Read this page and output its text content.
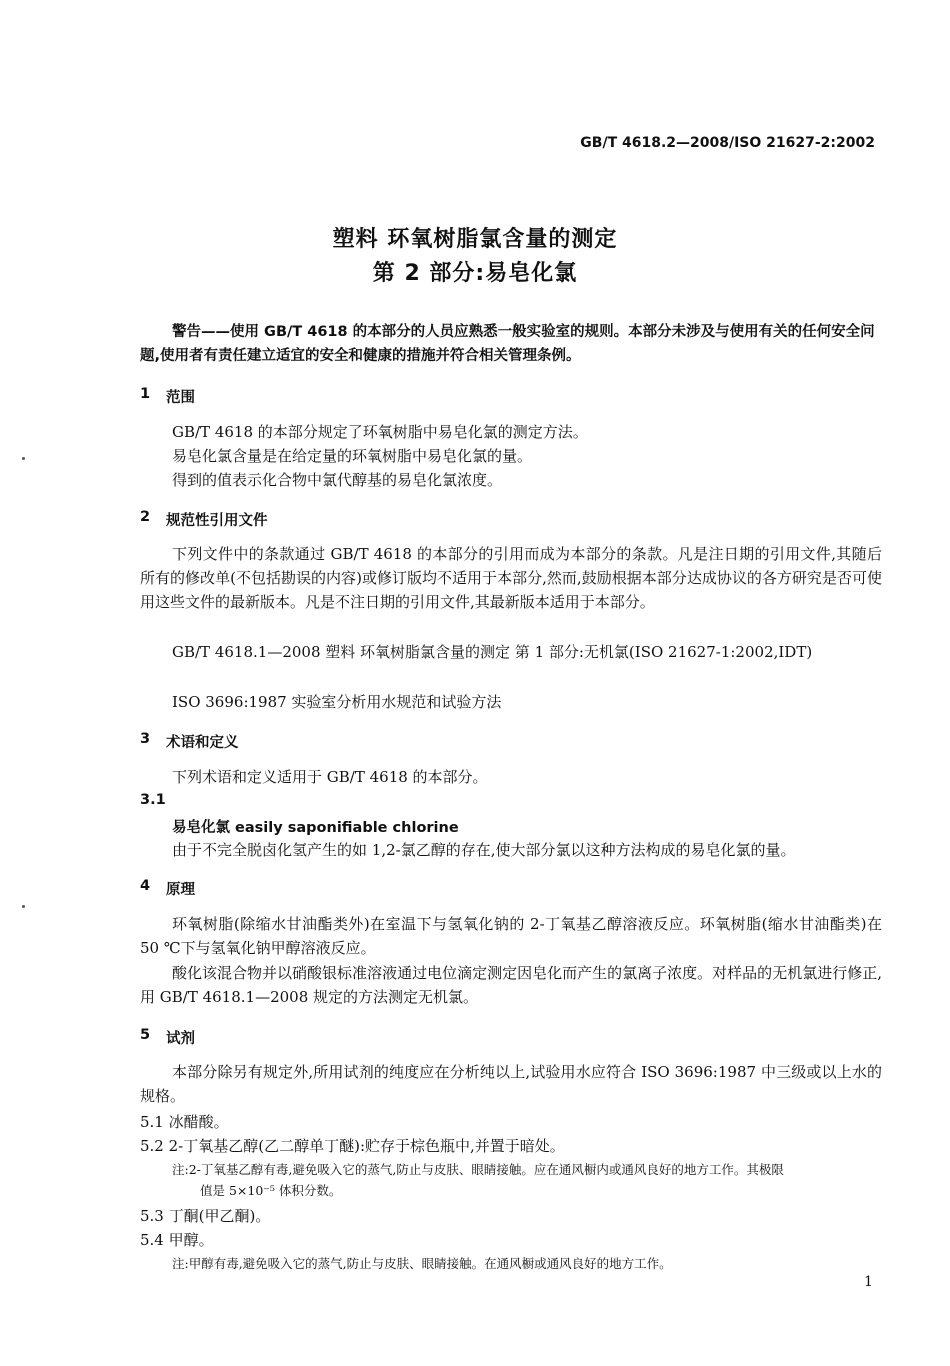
GB/T 4618.2—2008/ISO 21627-2:2002
塑料 环氧树脂氯含量的测定
第 2 部分:易皂化氯
警告——使用 GB/T 4618 的本部分的人员应熟悉一般实验室的规则。本部分未涉及与使用有关的任何安全问题,使用者有责任建立适宜的安全和健康的措施并符合相关管理条例。
1 范围
GB/T 4618 的本部分规定了环氧树脂中易皂化氯的测定方法。
易皂化氯含量是在给定量的环氧树脂中易皂化氯的量。
得到的值表示化合物中氯代醇基的易皂化氯浓度。
2 规范性引用文件
下列文件中的条款通过 GB/T 4618 的本部分的引用而成为本部分的条款。凡是注日期的引用文件,其随后所有的修改单(不包括勘误的内容)或修订版均不适用于本部分,然而,鼓励根据本部分达成协议的各方研究是否可使用这些文件的最新版本。凡是不注日期的引用文件,其最新版本适用于本部分。
GB/T 4618.1—2008 塑料 环氧树脂氯含量的测定 第 1 部分:无机氯(ISO 21627-1:2002,IDT)
ISO 3696:1987 实验室分析用水规范和试验方法
3 术语和定义
下列术语和定义适用于 GB/T 4618 的本部分。
3.1
易皂化氯 easily saponifiable chlorine
由于不完全脱卤化氢产生的如 1,2-氯乙醇的存在,使大部分氯以这种方法构成的易皂化氯的量。
4 原理
环氧树脂(除缩水甘油酯类外)在室温下与氢氧化钠的 2-丁氧基乙醇溶液反应。环氧树脂(缩水甘油酯类)在 50 ℃下与氢氧化钠甲醇溶液反应。
酸化该混合物并以硝酸银标准溶液通过电位滴定测定因皂化而产生的氯离子浓度。对样品的无机氯进行修正,用 GB/T 4618.1—2008 规定的方法测定无机氯。
5 试剂
本部分除另有规定外,所用试剂的纯度应在分析纯以上,试验用水应符合 ISO 3696:1987 中三级或以上水的规格。
5.1 冰醋酸。
5.2 2-丁氧基乙醇(乙二醇单丁醚):贮存于棕色瓶中,并置于暗处。
注:2-丁氧基乙醇有毒,避免吸入它的蒸气,防止与皮肤、眼睛接触。应在通风橱内或通风良好的地方工作。其极限
值是 5×10⁻⁵ 体积分数。
5.3 丁酮(甲乙酮)。
5.4 甲醇。
注:甲醇有毒,避免吸入它的蒸气,防止与皮肤、眼睛接触。在通风橱或通风良好的地方工作。
1
